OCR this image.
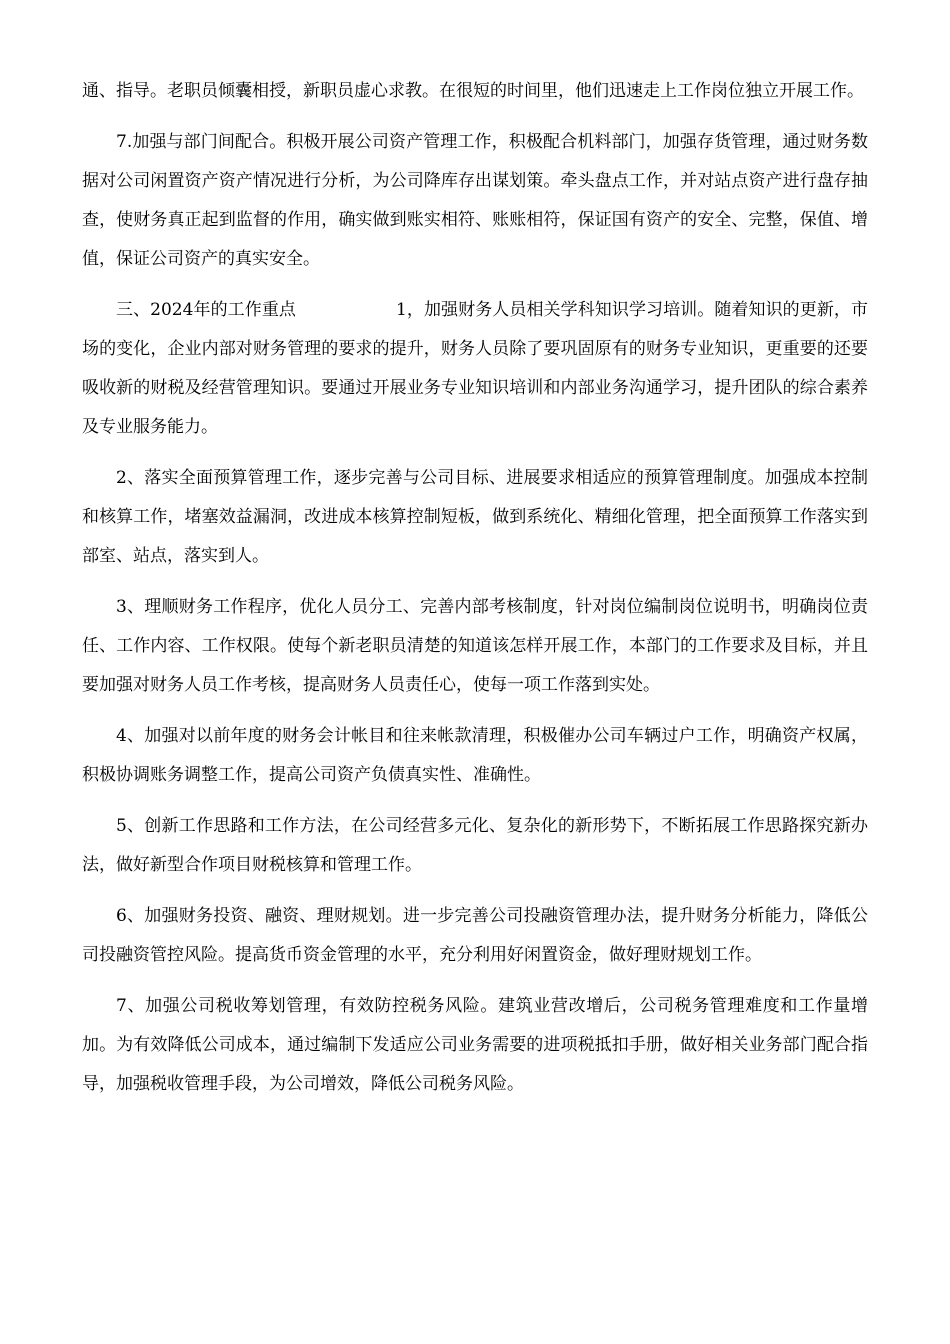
通、指导。老职员倾囊相授，新职员虚心求教。在很短的时间里，他们迅速走上工作岗位独立开展工作。

7.加强与部门间配合。积极开展公司资产管理工作，积极配合机料部门，加强存货管理，通过财务数据对公司闲置资产资产情况进行分析，为公司降库存出谋划策。牵头盘点工作，并对站点资产进行盘存抽查，使财务真正起到监督的作用，确实做到账实相符、账账相符，保证国有资产的安全、完整，保值、增值，保证公司资产的真实安全。

三、2024年的工作重点	1，加强财务人员相关学科知识学习培训。随着知识的更新，市场的变化，企业内部对财务管理的要求的提升，财务人员除了要巩固原有的财务专业知识，更重要的还要吸收新的财税及经营管理知识。要通过开展业务专业知识培训和内部业务沟通学习，提升团队的综合素养及专业服务能力。

2、落实全面预算管理工作，逐步完善与公司目标、进展要求相适应的预算管理制度。加强成本控制和核算工作，堵塞效益漏洞，改进成本核算控制短板，做到系统化、精细化管理，把全面预算工作落实到部室、站点，落实到人。

3、理顺财务工作程序，优化人员分工、完善内部考核制度，针对岗位编制岗位说明书，明确岗位责任、工作内容、工作权限。使每个新老职员清楚的知道该怎样开展工作，本部门的工作要求及目标，并且要加强对财务人员工作考核，提高财务人员责任心，使每一项工作落到实处。

4、加强对以前年度的财务会计帐目和往来帐款清理，积极催办公司车辆过户工作，明确资产权属，积极协调账务调整工作，提高公司资产负债真实性、准确性。

5、创新工作思路和工作方法，在公司经营多元化、复杂化的新形势下，不断拓展工作思路探究新办法，做好新型合作项目财税核算和管理工作。

6、加强财务投资、融资、理财规划。进一步完善公司投融资管理办法，提升财务分析能力，降低公司投融资管控风险。提高货币资金管理的水平，充分利用好闲置资金，做好理财规划工作。

7、加强公司税收筹划管理，有效防控税务风险。建筑业营改增后，公司税务管理难度和工作量增加。为有效降低公司成本，通过编制下发适应公司业务需要的进项税抵扣手册，做好相关业务部门配合指导，加强税收管理手段，为公司增效，降低公司税务风险。
